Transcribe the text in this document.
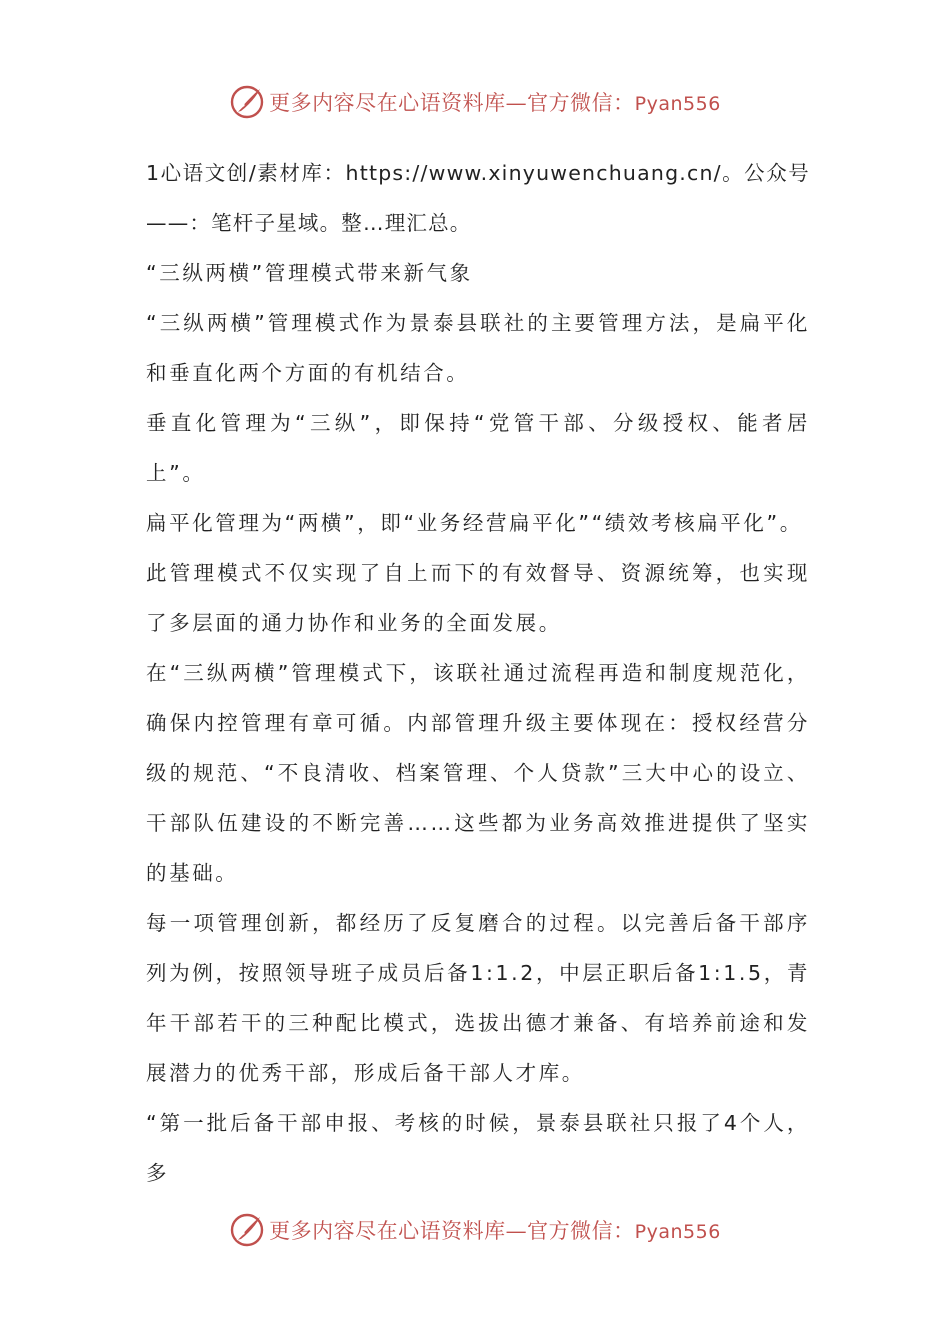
更多内容尽在心语资料库—官方微信：Pyan556

1心语文创/素材库：https://www.xinyuwenchuang.cn/。公众号——：笔杆子星域。整…理汇总。

“三纵两横”管理模式带来新气象

“三纵两横”管理模式作为景泰县联社的主要管理方法，是扁平化和垂直化两个方面的有机结合。

垂直化管理为“三纵”，即保持“党管干部、分级授权、能者居上”。

扁平化管理为“两横”，即“业务经营扁平化”“绩效考核扁平化”。

此管理模式不仅实现了自上而下的有效督导、资源统筹，也实现了多层面的通力协作和业务的全面发展。

在“三纵两横”管理模式下，该联社通过流程再造和制度规范化，确保内控管理有章可循。内部管理升级主要体现在：授权经营分级的规范、“不良清收、档案管理、个人贷款”三大中心的设立、干部队伍建设的不断完善……这些都为业务高效推进提供了坚实的基础。

每一项管理创新，都经历了反复磨合的过程。以完善后备干部序列为例，按照领导班子成员后备1:1.2，中层正职后备1:1.5，青年干部若干的三种配比模式，选拔出德才兼备、有培养前途和发展潜力的优秀干部，形成后备干部人才库。

“第一批后备干部申报、考核的时候，景泰县联社只报了4个人，多

更多内容尽在心语资料库—官方微信：Pyan556
